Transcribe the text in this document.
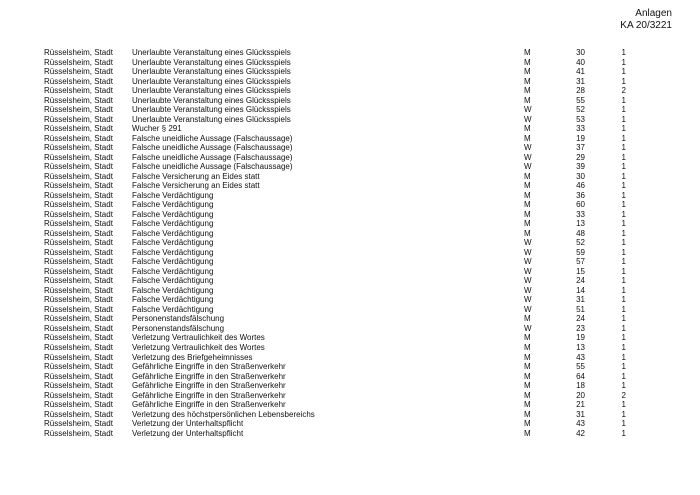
Anlagen
KA 20/3221
Rüsselsheim, Stadt Unerlaubte Veranstaltung eines Glücksspiels	M	30	1
Rüsselsheim, Stadt Unerlaubte Veranstaltung eines Glücksspiels	M	40	1
Rüsselsheim, Stadt Unerlaubte Veranstaltung eines Glücksspiels	M	41	1
Rüsselsheim, Stadt Unerlaubte Veranstaltung eines Glücksspiels	M	31	1
Rüsselsheim, Stadt Unerlaubte Veranstaltung eines Glücksspiels	M	28	2
Rüsselsheim, Stadt Unerlaubte Veranstaltung eines Glücksspiels	M	55	1
Rüsselsheim, Stadt Unerlaubte Veranstaltung eines Glücksspiels	W	52	1
Rüsselsheim, Stadt Unerlaubte Veranstaltung eines Glücksspiels	W	53	1
Rüsselsheim, Stadt Wucher § 291	M	33	1
Rüsselsheim, Stadt Falsche uneidliche Aussage (Falschaussage)	M	19	1
Rüsselsheim, Stadt Falsche uneidliche Aussage (Falschaussage)	W	37	1
Rüsselsheim, Stadt Falsche uneidliche Aussage (Falschaussage)	W	29	1
Rüsselsheim, Stadt Falsche uneidliche Aussage (Falschaussage)	W	39	1
Rüsselsheim, Stadt Falsche Versicherung an Eides statt	M	30	1
Rüsselsheim, Stadt Falsche Versicherung an Eides statt	M	46	1
Rüsselsheim, Stadt Falsche Verdächtigung	M	36	1
Rüsselsheim, Stadt Falsche Verdächtigung	M	60	1
Rüsselsheim, Stadt Falsche Verdächtigung	M	33	1
Rüsselsheim, Stadt Falsche Verdächtigung	M	13	1
Rüsselsheim, Stadt Falsche Verdächtigung	M	48	1
Rüsselsheim, Stadt Falsche Verdächtigung	W	52	1
Rüsselsheim, Stadt Falsche Verdächtigung	W	59	1
Rüsselsheim, Stadt Falsche Verdächtigung	W	57	1
Rüsselsheim, Stadt Falsche Verdächtigung	W	15	1
Rüsselsheim, Stadt Falsche Verdächtigung	W	24	1
Rüsselsheim, Stadt Falsche Verdächtigung	W	14	1
Rüsselsheim, Stadt Falsche Verdächtigung	W	31	1
Rüsselsheim, Stadt Falsche Verdächtigung	W	51	1
Rüsselsheim, Stadt Personenstandsfälschung	M	24	1
Rüsselsheim, Stadt Personenstandsfälschung	W	23	1
Rüsselsheim, Stadt Verletzung Vertraulichkeit des Wortes	M	19	1
Rüsselsheim, Stadt Verletzung Vertraulichkeit des Wortes	M	13	1
Rüsselsheim, Stadt Verletzung des Briefgeheimnisses	M	43	1
Rüsselsheim, Stadt Gefährliche Eingriffe in den Straßenverkehr	M	55	1
Rüsselsheim, Stadt Gefährliche Eingriffe in den Straßenverkehr	M	64	1
Rüsselsheim, Stadt Gefährliche Eingriffe in den Straßenverkehr	M	18	1
Rüsselsheim, Stadt Gefährliche Eingriffe in den Straßenverkehr	M	20	2
Rüsselsheim, Stadt Gefährliche Eingriffe in den Straßenverkehr	M	21	1
Rüsselsheim, Stadt Verletzung des höchstpersönlichen Lebensbereichs	M	31	1
Rüsselsheim, Stadt Verletzung der Unterhaltspflicht	M	43	1
Rüsselsheim, Stadt Verletzung der Unterhaltspflicht	M	42	1
